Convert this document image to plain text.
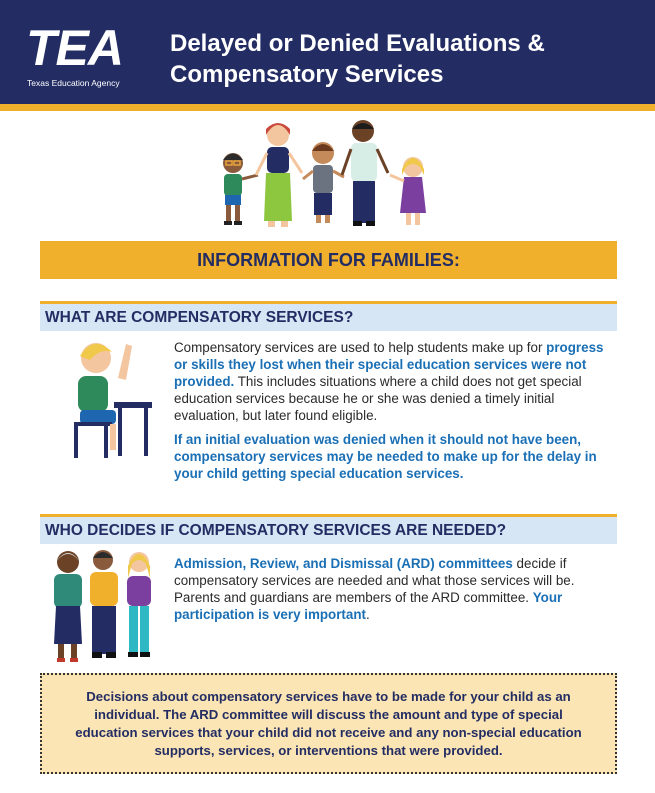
TEA
Texas Education Agency
Delayed or Denied Evaluations &
Compensatory Services
INFORMATION FOR FAMILIES:
WHAT ARE COMPENSATORY SERVICES?
Compensatory services are used to help students make up for progress or skills they lost when their special education services were not provided. This includes situations where a child does not get special education services because he or she was denied a timely initial evaluation, but later found eligible.
If an initial evaluation was denied when it should not have been, compensatory services may be needed to make up for the delay in your child getting special education services.
WHO DECIDES IF COMPENSATORY SERVICES ARE NEEDED?
Admission, Review, and Dismissal (ARD) committees decide if compensatory services are needed and what those services will be. Parents and guardians are members of the ARD committee. Your participation is very important.
Decisions about compensatory services have to be made for your child as an individual. The ARD committee will discuss the amount and type of special education services that your child did not receive and any non-special education supports, services, or interventions that were provided.
